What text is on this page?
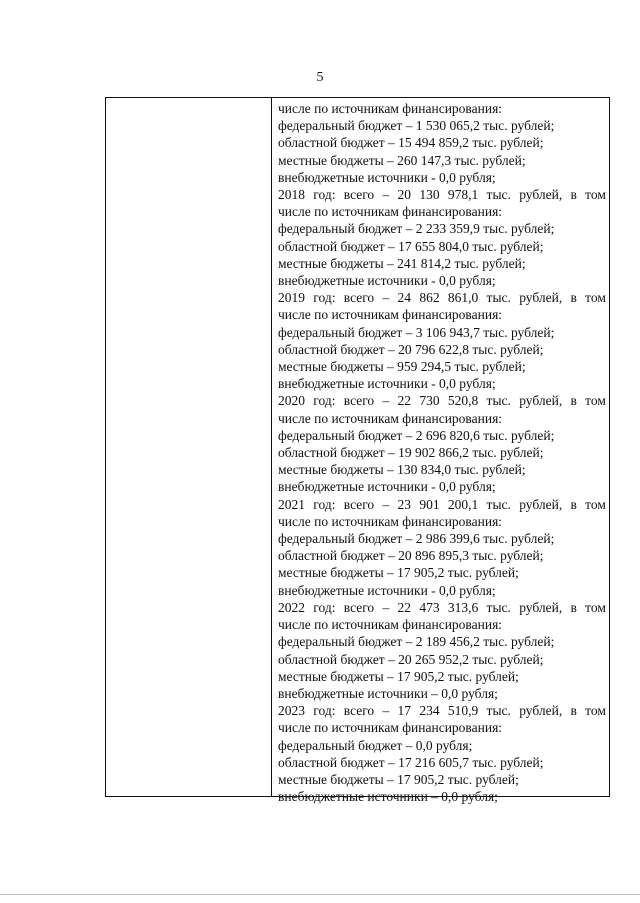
5
числе по источникам финансирования:
федеральный бюджет – 1 530 065,2 тыс. рублей;
областной бюджет – 15 494 859,2 тыс. рублей;
местные бюджеты – 260 147,3 тыс. рублей;
внебюджетные источники - 0,0 рубля;
2018 год: всего – 20 130 978,1 тыс. рублей, в том
числе по источникам финансирования:
федеральный бюджет – 2 233 359,9 тыс. рублей;
областной бюджет – 17 655 804,0 тыс. рублей;
местные бюджеты – 241 814,2 тыс. рублей;
внебюджетные источники - 0,0 рубля;
2019 год: всего – 24 862 861,0 тыс. рублей, в том
числе по источникам финансирования:
федеральный бюджет – 3 106 943,7 тыс. рублей;
областной бюджет – 20 796 622,8 тыс. рублей;
местные бюджеты – 959 294,5 тыс. рублей;
внебюджетные источники - 0,0 рубля;
2020 год: всего – 22 730 520,8 тыс. рублей, в том
числе по источникам финансирования:
федеральный бюджет – 2 696 820,6 тыс. рублей;
областной бюджет – 19 902 866,2 тыс. рублей;
местные бюджеты – 130 834,0 тыс. рублей;
внебюджетные источники - 0,0 рубля;
2021 год: всего – 23 901 200,1 тыс. рублей, в том
числе по источникам финансирования:
федеральный бюджет – 2 986 399,6 тыс. рублей;
областной бюджет – 20 896 895,3 тыс. рублей;
местные бюджеты – 17 905,2 тыс. рублей;
внебюджетные источники - 0,0 рубля;
2022 год: всего – 22 473 313,6 тыс. рублей, в том
числе по источникам финансирования:
федеральный бюджет – 2 189 456,2 тыс. рублей;
областной бюджет – 20 265 952,2 тыс. рублей;
местные бюджеты – 17 905,2 тыс. рублей;
внебюджетные источники – 0,0 рубля;
2023 год: всего – 17 234 510,9 тыс. рублей, в том
числе по источникам финансирования:
федеральный бюджет – 0,0 рубля;
областной бюджет – 17 216 605,7 тыс. рублей;
местные бюджеты – 17 905,2 тыс. рублей;
внебюджетные источники – 0,0 рубля;
